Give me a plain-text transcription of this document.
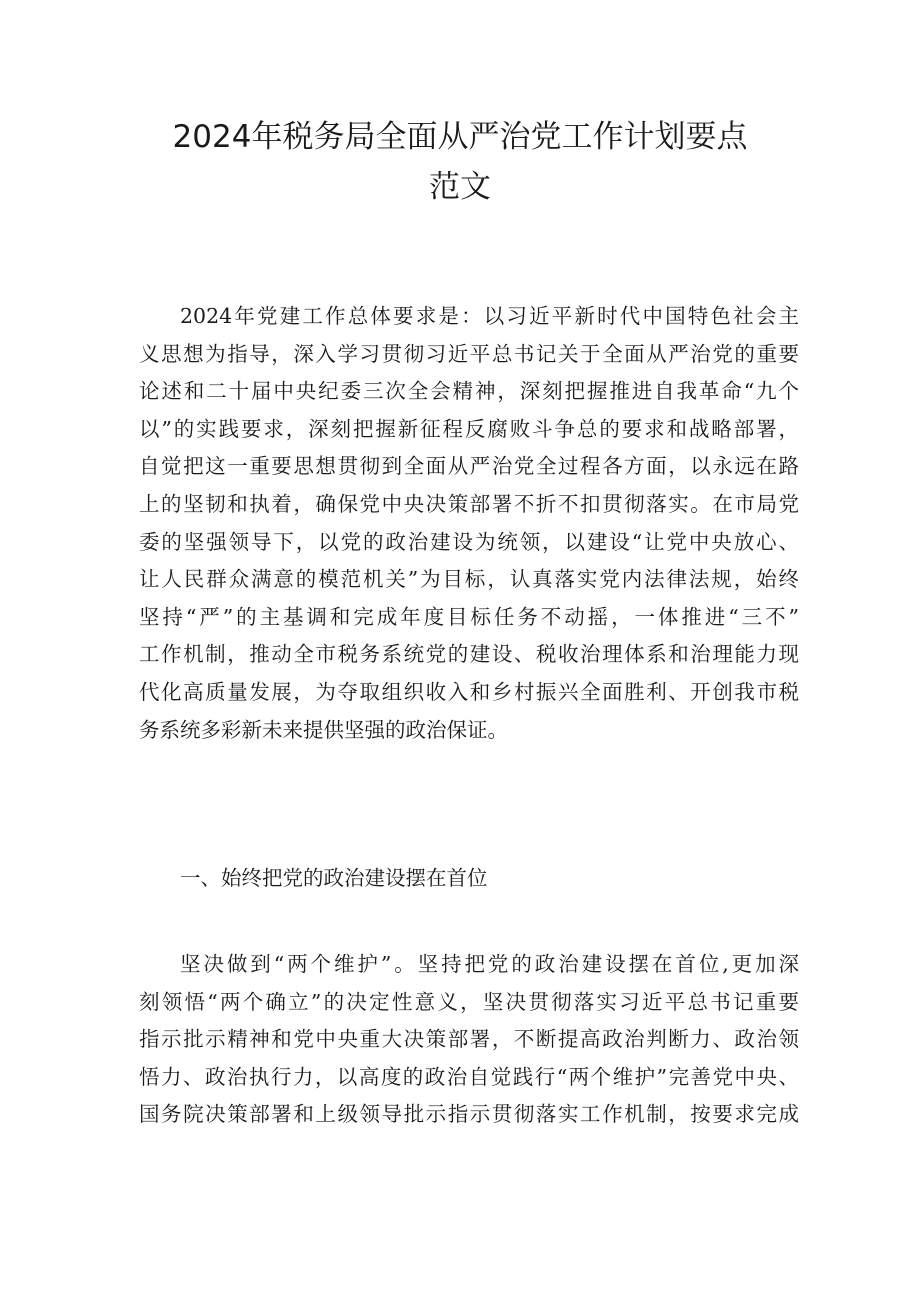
2024年税务局全面从严治党工作计划要点
范文
2024年党建工作总体要求是：以习近平新时代中国特色社会主
义思想为指导，深入学习贯彻习近平总书记关于全面从严治党的重要
论述和二十届中央纪委三次全会精神，深刻把握推进自我革命“九个
以”的实践要求，深刻把握新征程反腐败斗争总的要求和战略部署，
自觉把这一重要思想贯彻到全面从严治党全过程各方面，以永远在路
上的坚韧和执着，确保党中央决策部署不折不扣贯彻落实。在市局党
委的坚强领导下，以党的政治建设为统领，以建设“让党中央放心、
让人民群众满意的模范机关”为目标，认真落实党内法律法规，始终
坚持“严”的主基调和完成年度目标任务不动摇，一体推进“三不”
工作机制，推动全市税务系统党的建设、税收治理体系和治理能力现
代化高质量发展，为夺取组织收入和乡村振兴全面胜利、开创我市税
务系统多彩新未来提供坚强的政治保证。
一、始终把党的政治建设摆在首位
坚决做到“两个维护”。坚持把党的政治建设摆在首位,更加深
刻领悟“两个确立”的决定性意义，坚决贯彻落实习近平总书记重要
指示批示精神和党中央重大决策部署，不断提高政治判断力、政治领
悟力、政治执行力，以高度的政治自觉践行“两个维护”完善党中央、
国务院决策部署和上级领导批示指示贯彻落实工作机制，按要求完成
